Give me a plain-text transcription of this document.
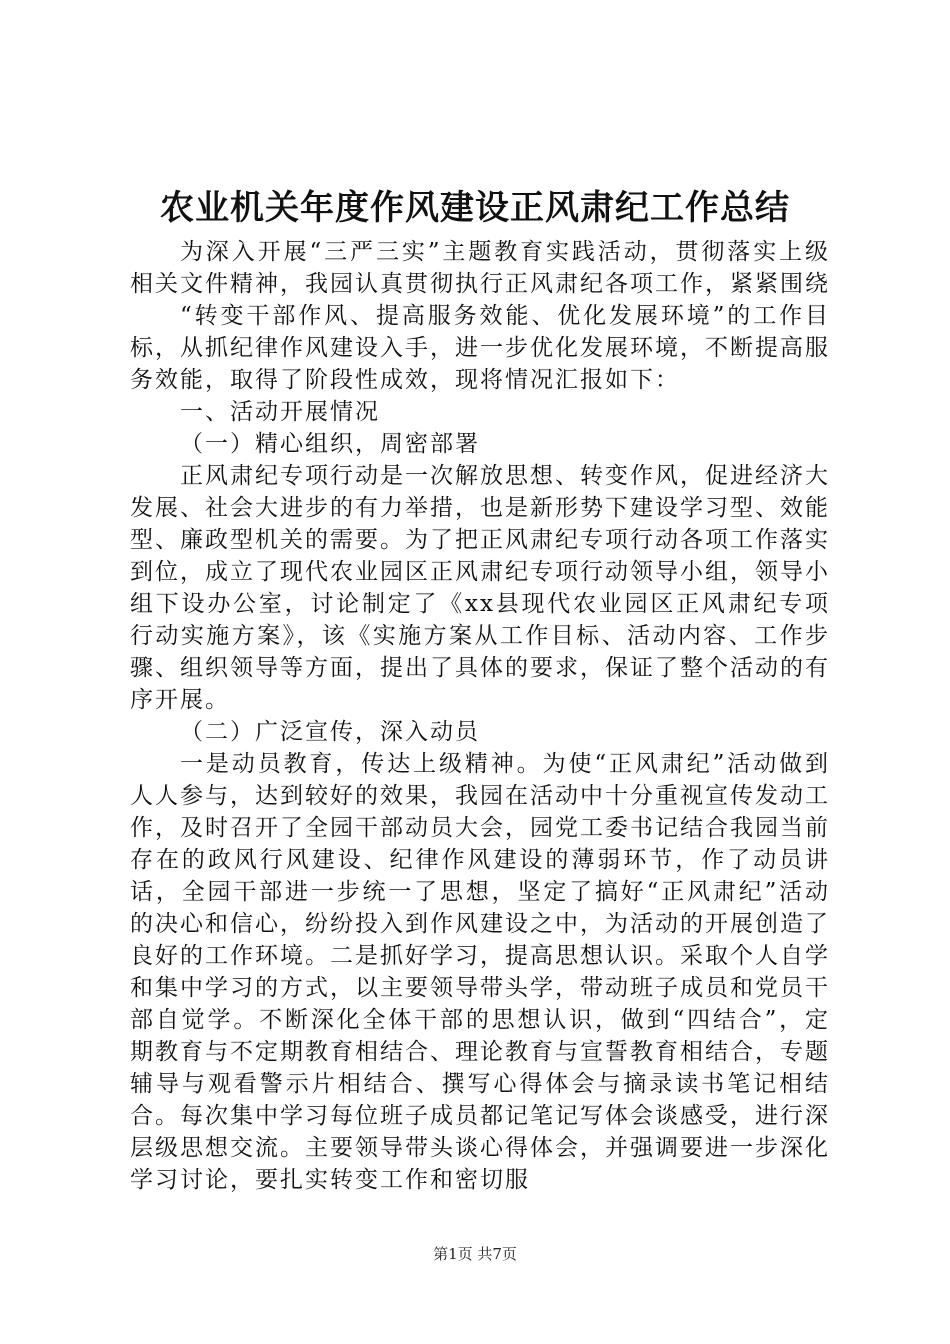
农业机关年度作风建设正风肃纪工作总结

为深入开展“三严三实”主题教育实践活动，贯彻落实上级相关文件精神，我园认真贯彻执行正风肃纪各项工作，紧紧围绕

“转变干部作风、提高服务效能、优化发展环境”的工作目标，从抓纪律作风建设入手，进一步优化发展环境，不断提高服务效能，取得了阶段性成效，现将情况汇报如下：

一、活动开展情况

（一）精心组织，周密部署

正风肃纪专项行动是一次解放思想、转变作风，促进经济大发展、社会大进步的有力举措，也是新形势下建设学习型、效能型、廉政型机关的需要。为了把正风肃纪专项行动各项工作落实到位，成立了现代农业园区正风肃纪专项行动领导小组，领导小组下设办公室，讨论制定了《xx县现代农业园区正风肃纪专项行动实施方案》，该《实施方案从工作目标、活动内容、工作步骤、组织领导等方面，提出了具体的要求，保证了整个活动的有序开展。

（二）广泛宣传，深入动员

一是动员教育，传达上级精神。为使“正风肃纪”活动做到人人参与，达到较好的效果，我园在活动中十分重视宣传发动工作，及时召开了全园干部动员大会，园党工委书记结合我园当前存在的政风行风建设、纪律作风建设的薄弱环节，作了动员讲话，全园干部进一步统一了思想，坚定了搞好“正风肃纪”活动的决心和信心，纷纷投入到作风建设之中，为活动的开展创造了良好的工作环境。二是抓好学习，提高思想认识。采取个人自学和集中学习的方式，以主要领导带头学，带动班子成员和党员干部自觉学。不断深化全体干部的思想认识，做到“四结合”，定期教育与不定期教育相结合、理论教育与宣誓教育相结合，专题辅导与观看警示片相结合、撰写心得体会与摘录读书笔记相结合。每次集中学习每位班子成员都记笔记写体会谈感受，进行深层级思想交流。主要领导带头谈心得体会，并强调要进一步深化学习讨论，要扎实转变工作和密切服

第1页 共7页
